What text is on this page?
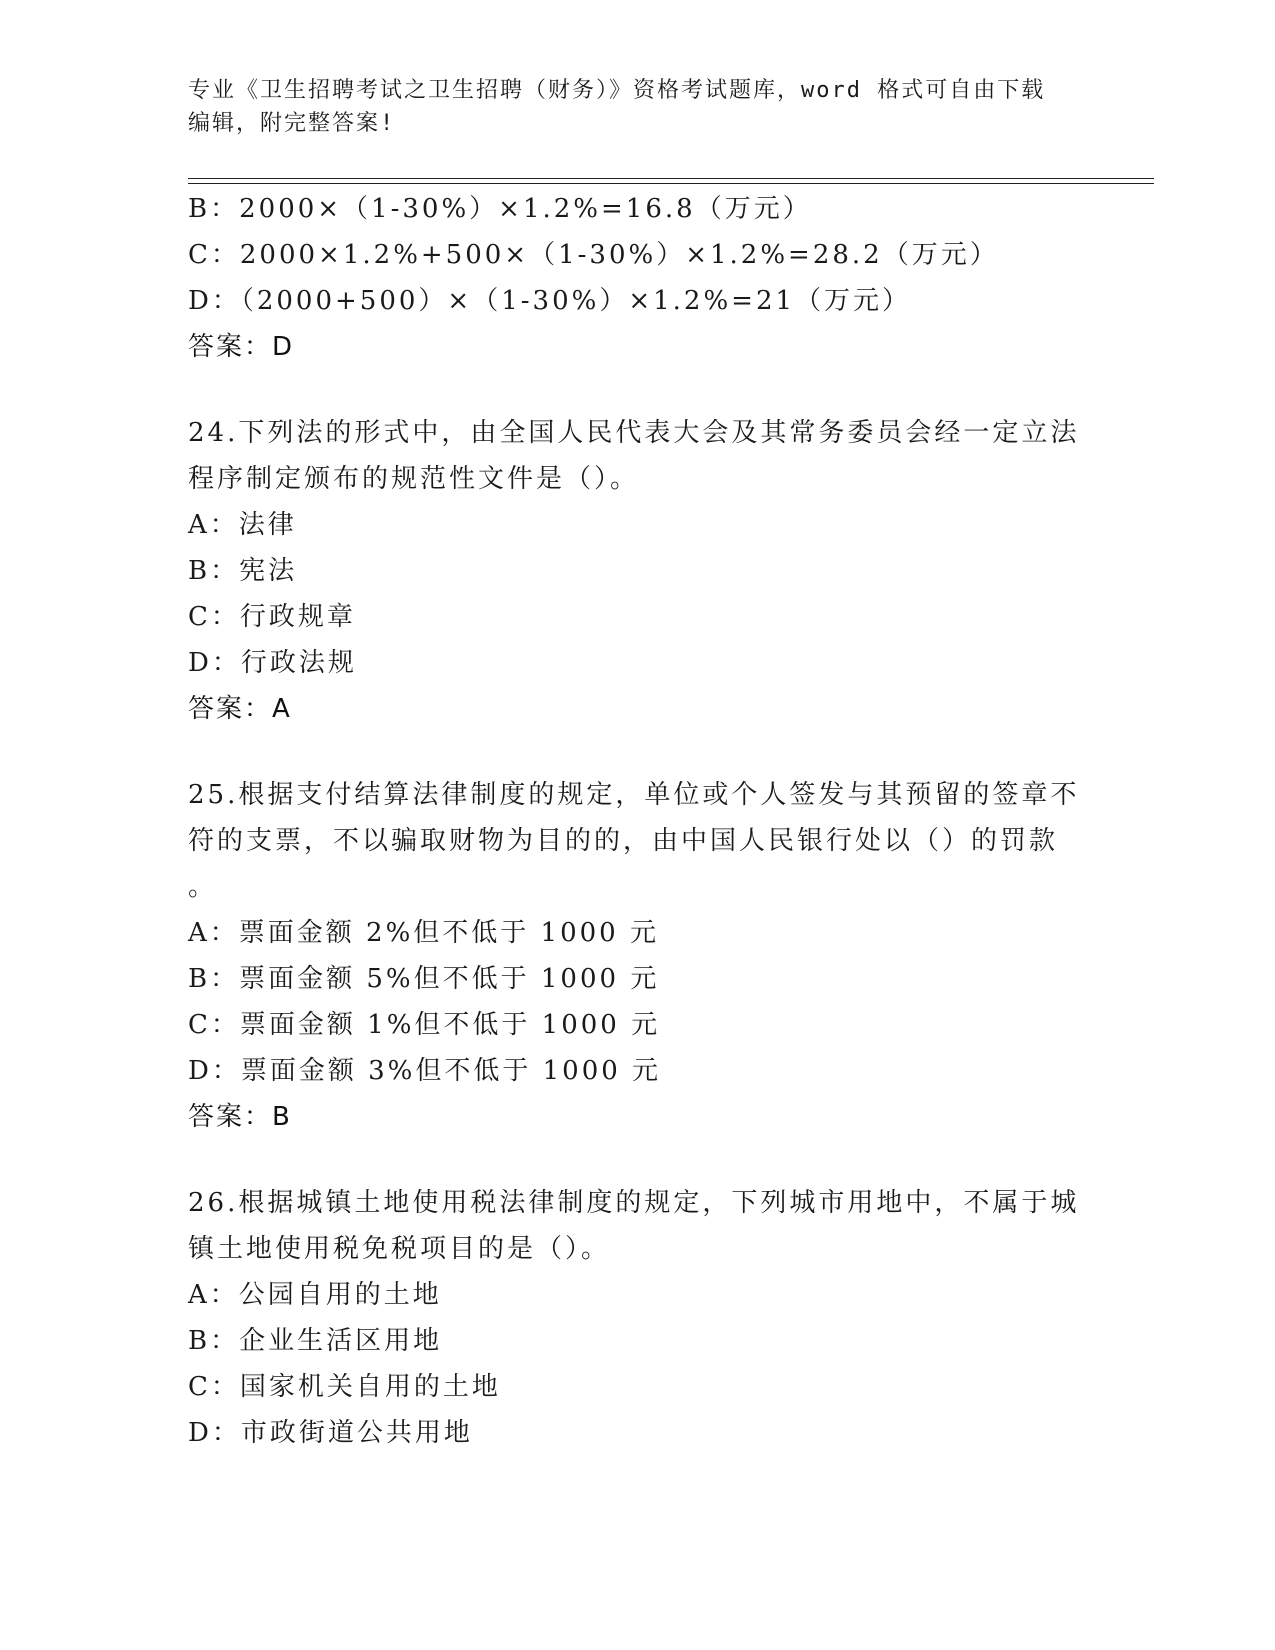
专业《卫生招聘考试之卫生招聘（财务）》资格考试题库，word 格式可自由下载
编辑，附完整答案!
B：2000×（1-30%）×1.2%=16.8（万元）
C：2000×1.2%+500×（1-30%）×1.2%=28.2（万元）
D：（2000+500）×（1-30%）×1.2%=21（万元）
答案：D
24.下列法的形式中，由全国人民代表大会及其常务委员会经一定立法
程序制定颁布的规范性文件是（）。
A：法律
B：宪法
C：行政规章
D：行政法规
答案：A
25.根据支付结算法律制度的规定，单位或个人签发与其预留的签章不
符的支票，不以骗取财物为目的的，由中国人民银行处以（）的罚款
。
A：票面金额 2%但不低于 1000 元
B：票面金额 5%但不低于 1000 元
C：票面金额 1%但不低于 1000 元
D：票面金额 3%但不低于 1000 元
答案：B
26.根据城镇土地使用税法律制度的规定，下列城市用地中，不属于城
镇土地使用税免税项目的是（）。
A：公园自用的土地
B：企业生活区用地
C：国家机关自用的土地
D：市政街道公共用地
